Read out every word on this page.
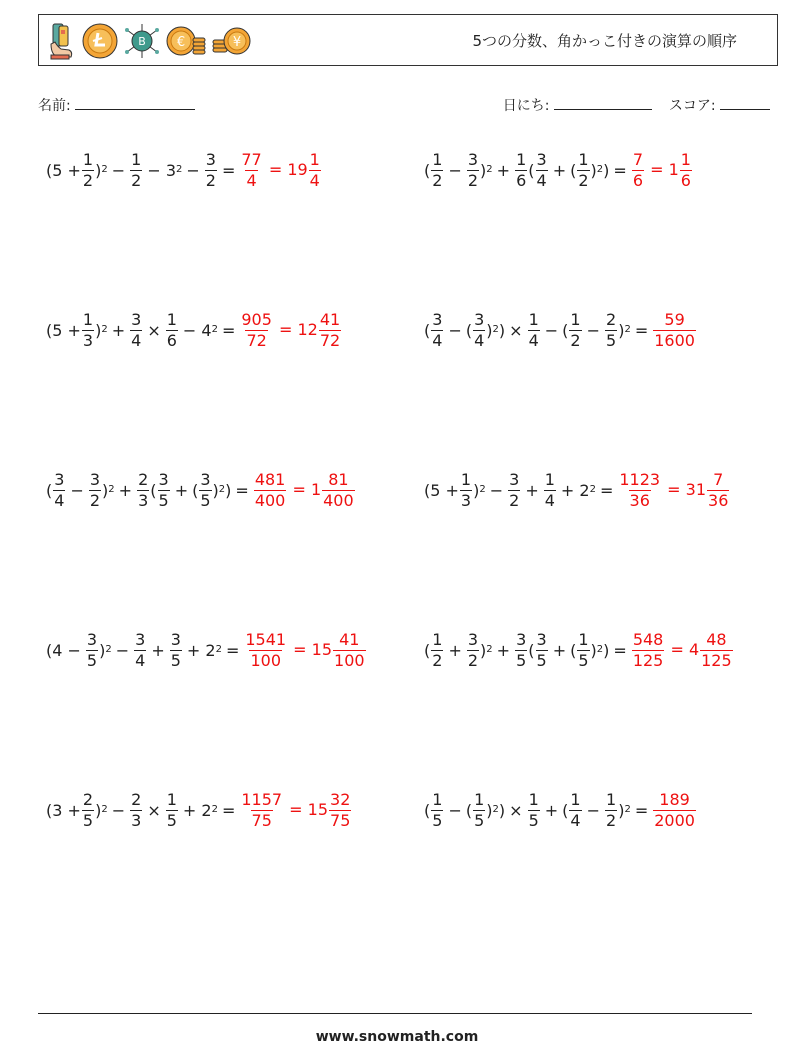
B €	¥	5つの分数、角かっこ付きの演算の順序
名前:	日にち:	スコア:
($5 + \frac{1}{2}$ ) $2 - \frac{1}{2} - 3$ $2 - \frac{3}{2} = \frac{77}{4} = 19 \frac{1}{4}$	( $\frac{1}{2} - \frac{3}{2}$ ) $2 + \frac{1}{6}$ ( $\frac{3}{4}$ +
( $\frac{1}{2}$ ) 2 )
= $\frac{7}{6} = 1 \frac{1}{6}$
($5 + \frac{1}{3}$ ) $2 + \frac{3}{4} \times \frac{1}{6} - 4$ $2 = \frac{905}{72} = 12 \frac{41}{72}$	( $\frac{3}{4}$ −
( $\frac{3}{4}$ ) 2 )
× $\frac{1}{4}$ −
( $\frac{1}{2} - \frac{2}{5}$ ) $2 = \frac{59}{1600}$
( $\frac{3}{4} - \frac{3}{2}$ ) $2 + \frac{2}{3}$ ( $\frac{3}{5}$ +
( $\frac{3}{5}$ ) 2 )
= $\frac{481}{400} = 1 \frac{81}{400}$	($5 + \frac{1}{3}$ ) $2 - \frac{3}{2} + \frac{1}{4} + 2$ $2 = \frac{1123}{36} = 31 \frac{7}{36}$
($4 - \frac{3}{5}$ ) $2 - \frac{3}{4} + \frac{3}{5} + 2$ $2 = \frac{1541}{100} = 15 \frac{41}{100}$	( $\frac{1}{2} + \frac{3}{2}$ ) $2 + \frac{3}{5}$ ( $\frac{3}{5}$ +
( $\frac{1}{5}$ ) 2 )
= $\frac{548}{125} = 4 \frac{48}{125}$
($3 + \frac{2}{5}$ ) $2 - \frac{2}{3} \times \frac{1}{5} + 2$ $2 = \frac{1157}{75} = 15 \frac{32}{75}$	( $\frac{1}{5}$ −
( $\frac{1}{5}$ ) 2 )
× $\frac{1}{5}$ +
( $\frac{1}{4} - \frac{1}{2}$ ) $2 = \frac{189}{2000}$
www.snowmath.com
